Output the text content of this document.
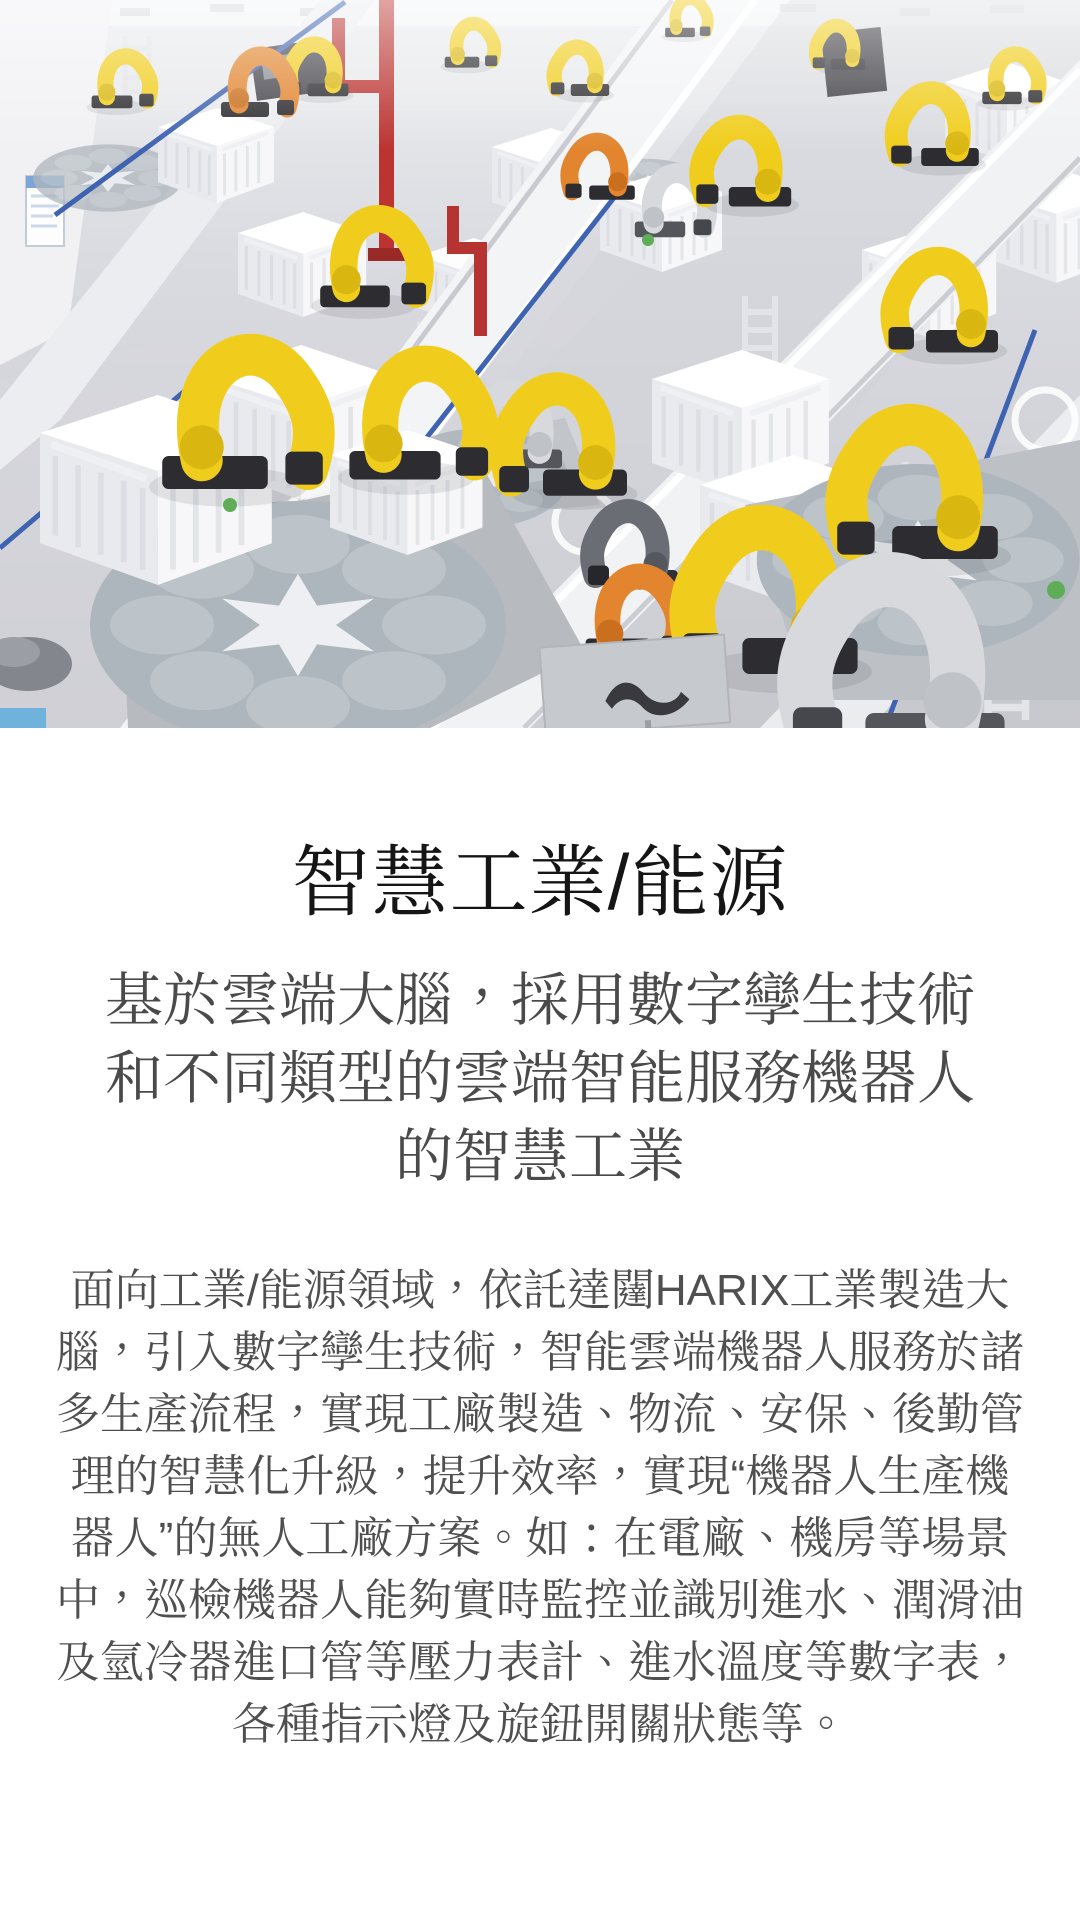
智慧工業/能源
基於雲端大腦，採用數字孿生技術
和不同類型的雲端智能服務機器人
的智慧工業

面向工業/能源領域，依託達闥HARIX工業製造大腦，引入數字孿生技術，智能雲端機器人服務於諸多生產流程，實現工廠製造、物流、安保、後勤管理的智慧化升級，提升效率，實現“機器人生產機器人”的無人工廠方案。如：在電廠、機房等場景中，巡檢機器人能夠實時監控並識別進水、潤滑油及氫冷器進口管等壓力表計、進水溫度等數字表，各種指示燈及旋鈕開關狀態等。
